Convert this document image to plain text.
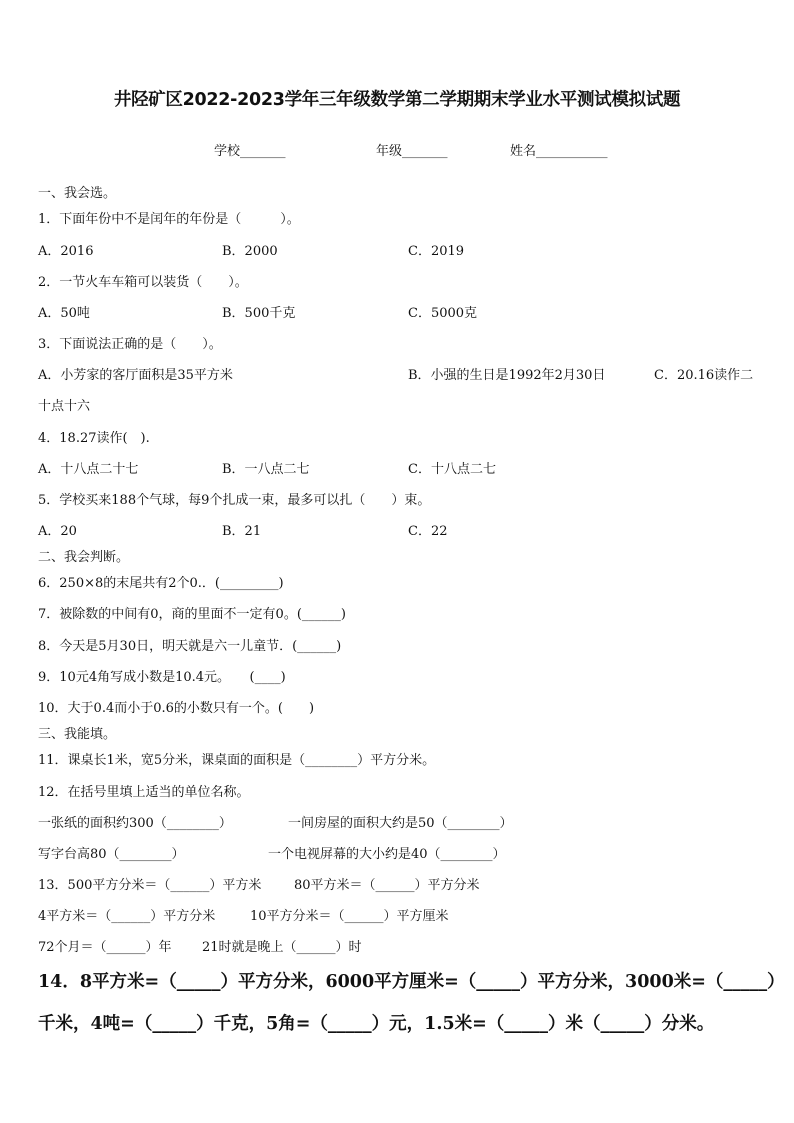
井陉矿区2022-2023学年三年级数学第二学期期末学业水平测试模拟试题
学校_______	年级_______	姓名___________
一、我会选。
1．下面年份中不是闰年的年份是（　　　）。
A．2016	B．2000	C．2019
2．一节火车车箱可以装货（　　）。
A．50吨	B．500千克	C．5000克
3．下面说法正确的是（　　）。
A．小芳家的客厅面积是35平方米	B．小强的生日是1992年2月30日	C．20.16读作二
十点十六
4．18.27读作(　).
A．十八点二十七	B．一八点二七	C．十八点二七
5．学校买来188个气球，每9个扎成一束，最多可以扎（　　）束。
A．20	B．21	C．22
二、我会判断。
6．250×8的末尾共有2个0.．(_________)
7．被除数的中间有0，商的里面不一定有0。(______)
8．今天是5月30日，明天就是六一儿童节．(______)
9．10元4角写成小数是10.4元。　　(____)
10．大于0.4而小于0.6的小数只有一个。(　　)
三、我能填。
11．课桌长1米，宽5分米，课桌面的面积是（________）平方分米。
12．在括号里填上适当的单位名称。
一张纸的面积约300（________）	一间房屋的面积大约是50（________）
写字台高80（________）	一个电视屏幕的大小约是40（________）
13．500平方分米＝（______）平方米	80平方米＝（______）平方分米
4平方米＝（______）平方分米	10平方分米＝（______）平方厘米
72个月＝（______）年 21时就是晚上（______）时
14．8平方米=（_____）平方分米，6000平方厘米=（_____）平方分米，3000米=（_____）
千米，4吨=（_____）千克，5角=（_____）元，1.5米=（_____）米（_____）分米。
